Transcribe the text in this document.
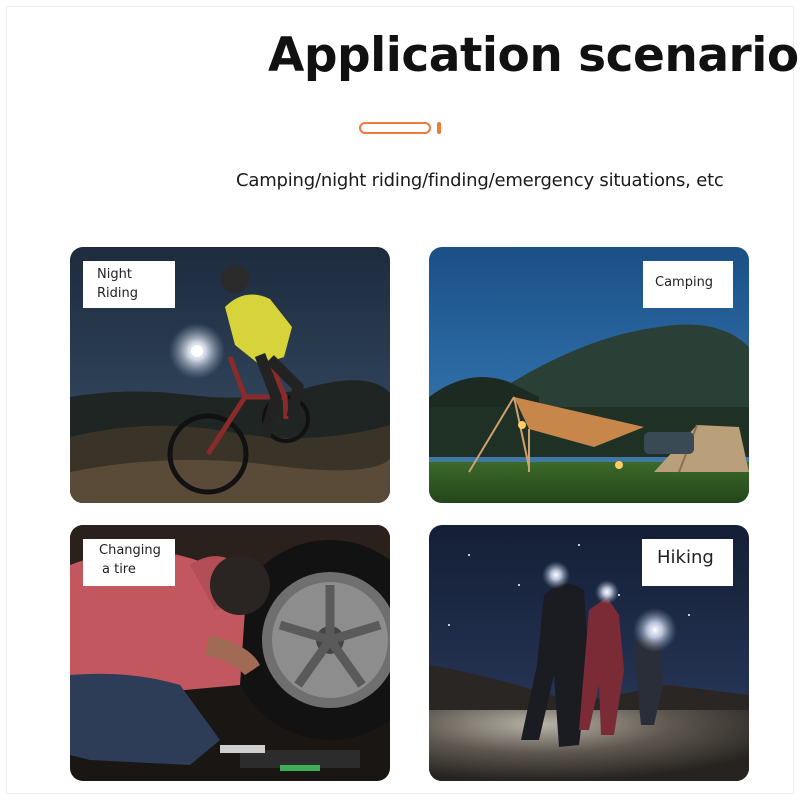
Application scenario

Camping/night riding/finding/emergency situations, etc

Night
Riding
Camping
Changing
a tire
Hiking
